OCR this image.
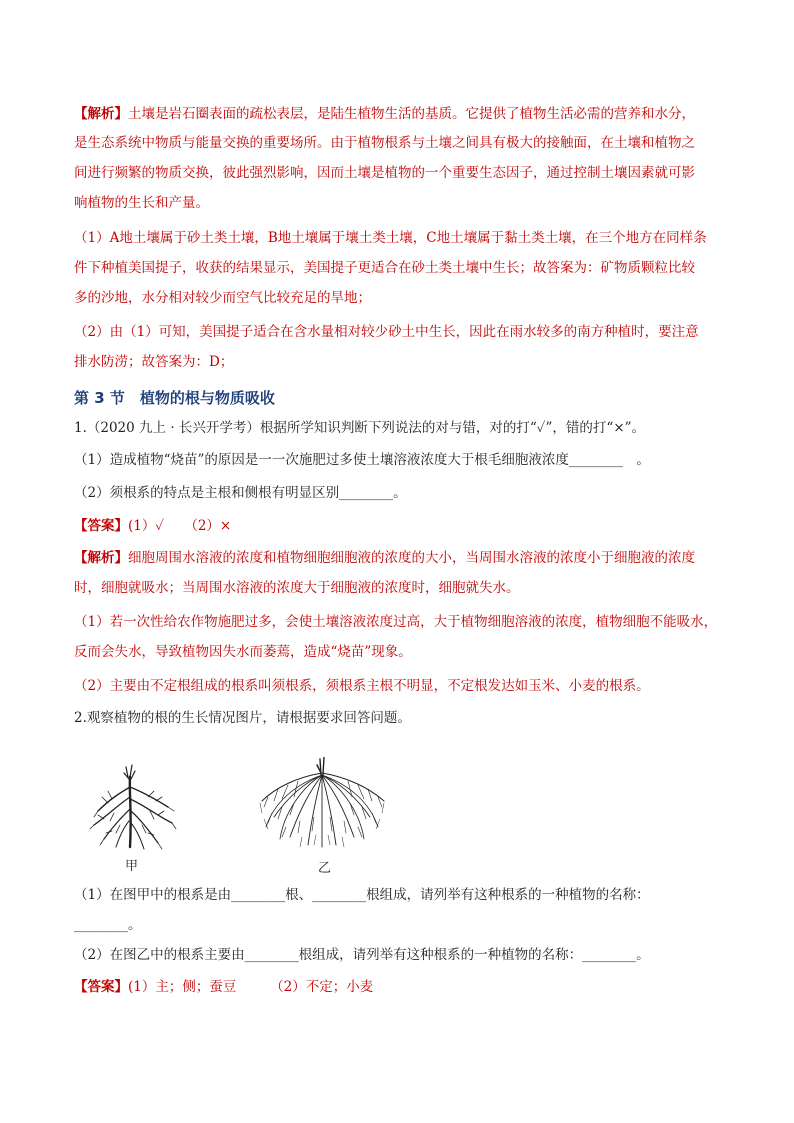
【解析】土壤是岩石圈表面的疏松表层，是陆生植物生活的基质。它提供了植物生活必需的营养和水分，
是生态系统中物质与能量交换的重要场所。由于植物根系与土壤之间具有极大的接触面，在土壤和植物之
间进行频繁的物质交换，彼此强烈影响，因而土壤是植物的一个重要生态因子，通过控制土壤因素就可影
响植物的生长和产量。
（1）A地土壤属于砂土类土壤，B地土壤属于壤土类土壤，C地土壤属于黏土类土壤，在三个地方在同样条
件下种植美国提子，收获的结果显示，美国提子更适合在砂土类土壤中生长；故答案为：矿物质颗粒比较
多的沙地，水分相对较少而空气比较充足的旱地；
（2）由（1）可知，美国提子适合在含水量相对较少砂土中生长，因此在雨水较多的南方种植时，要注意
排水防涝；故答案为：D；
第 3 节　植物的根与物质吸收
1.（2020 九上 · 长兴开学考）根据所学知识判断下列说法的对与错，对的打“✓”，错的打“×”。
（1）造成植物“烧苗”的原因是一一次施肥过多使土壤溶液浓度大于根毛细胞液浓度________　。
（2）须根系的特点是主根和侧根有明显区别________。
【答案】(1）✓　　（2）×
【解析】细胞周围水溶液的浓度和植物细胞细胞液的浓度的大小，当周围水溶液的浓度小于细胞液的浓度
时，细胞就吸水；当周围水溶液的浓度大于细胞液的浓度时，细胞就失水。
（1）若一次性给农作物施肥过多，会使土壤溶液浓度过高，大于植物细胞溶液的浓度，植物细胞不能吸水，
反而会失水，导致植物因失水而萎蔫，造成“烧苗”现象。
（2）主要由不定根组成的根系叫须根系，须根系主根不明显，不定根发达如玉米、小麦的根系。
2.观察植物的根的生长情况图片，请根据要求回答问题。
甲	乙
（1）在图甲中的根系是由________根、________根组成，请列举有这种根系的一种植物的名称：
________。
（2）在图乙中的根系主要由________根组成，请列举有这种根系的一种植物的名称：________。
【答案】(1）主；侧；蚕豆　　　（2）不定；小麦
